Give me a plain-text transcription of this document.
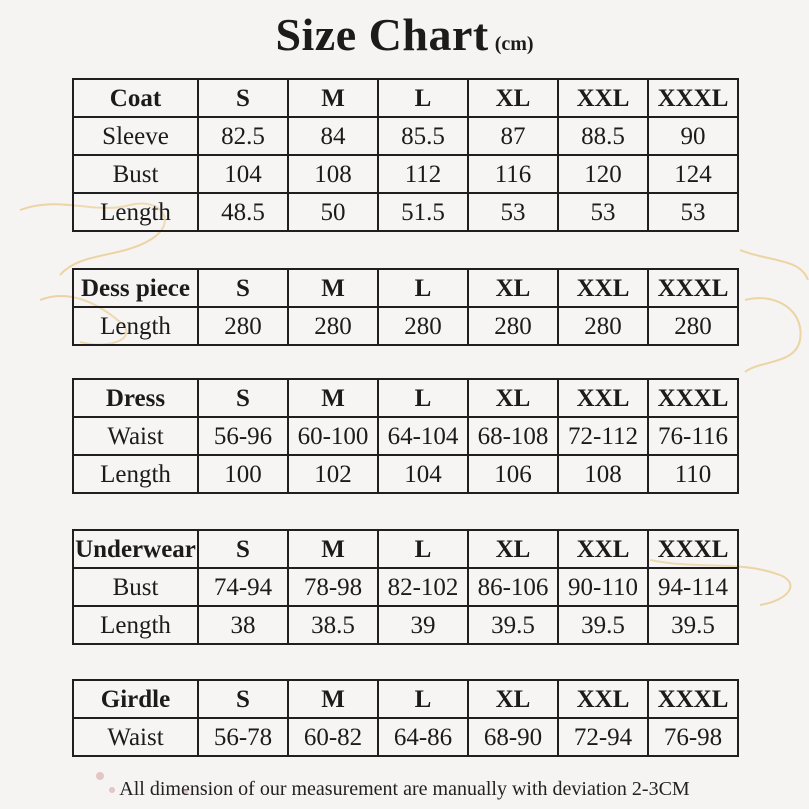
Size Chart (cm)
Coat	S	M	L	XL	XXL	XXXL
Sleeve	82.5	84	85.5	87	88.5	90
Bust	104	108	112	116	120	124
Length	48.5	50	51.5	53	53	53
Dess piece	S	M	L	XL	XXL	XXXL
Length	280	280	280	280	280	280
Dress	S	M	L	XL	XXL	XXXL
Waist	56-96	60-100	64-104	68-108	72-112	76-116
Length	100	102	104	106	108	110
Underwear	S	M	L	XL	XXL	XXXL
Bust	74-94	78-98	82-102	86-106	90-110	94-114
Length	38	38.5	39	39.5	39.5	39.5
Girdle	S	M	L	XL	XXL	XXXL
Waist	56-78	60-82	64-86	68-90	72-94	76-98
All dimension of our measurement are manually with deviation 2-3CM
